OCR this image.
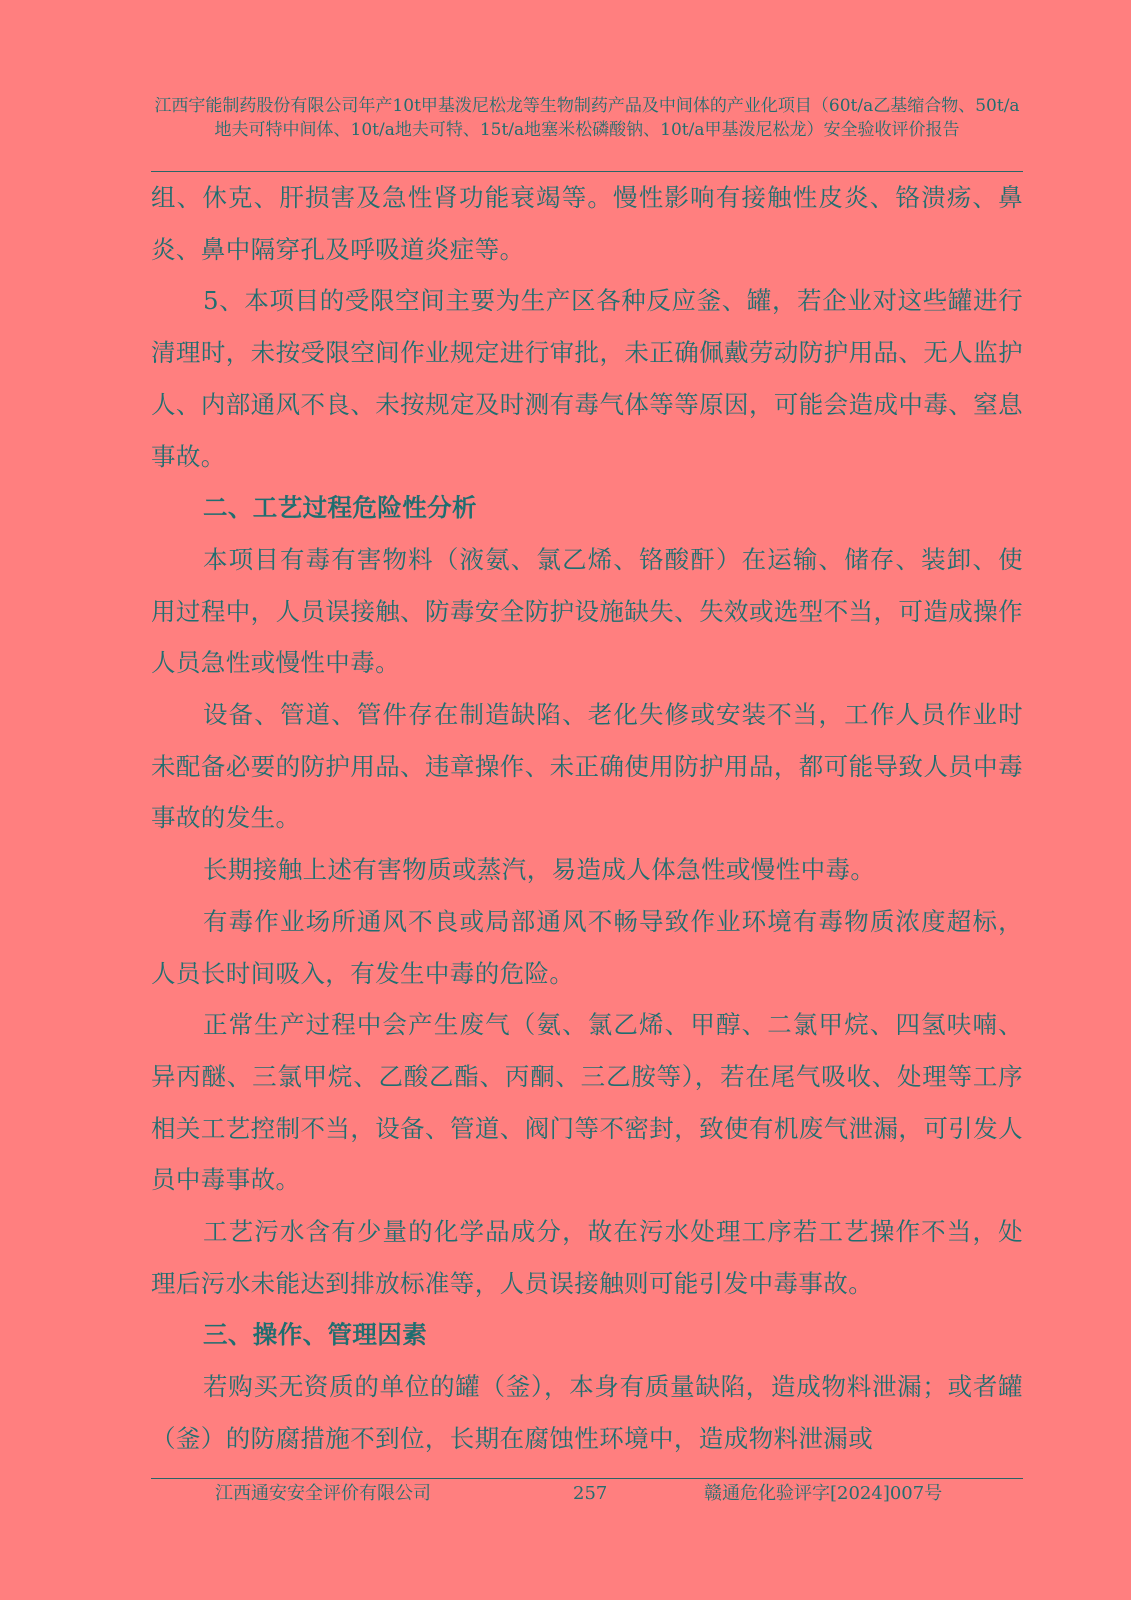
江西宇能制药股份有限公司年产10t甲基泼尼松龙等生物制药产品及中间体的产业化项目（60t/a乙基缩合物、50t/a地夫可特中间体、10t/a地夫可特、15t/a地塞米松磷酸钠、10t/a甲基泼尼松龙）安全验收评价报告

组、休克、肝损害及急性肾功能衰竭等。慢性影响有接触性皮炎、铬溃疡、鼻炎、鼻中隔穿孔及呼吸道炎症等。

5、本项目的受限空间主要为生产区各种反应釜、罐，若企业对这些罐进行清理时，未按受限空间作业规定进行审批，未正确佩戴劳动防护用品、无人监护人、内部通风不良、未按规定及时测有毒气体等等原因，可能会造成中毒、窒息事故。

二、工艺过程危险性分析

本项目有毒有害物料（液氨、氯乙烯、铬酸酐）在运输、储存、装卸、使用过程中，人员误接触、防毒安全防护设施缺失、失效或选型不当，可造成操作人员急性或慢性中毒。

设备、管道、管件存在制造缺陷、老化失修或安装不当，工作人员作业时未配备必要的防护用品、违章操作、未正确使用防护用品，都可能导致人员中毒事故的发生。

长期接触上述有害物质或蒸汽，易造成人体急性或慢性中毒。

有毒作业场所通风不良或局部通风不畅导致作业环境有毒物质浓度超标，人员长时间吸入，有发生中毒的危险。

正常生产过程中会产生废气（氨、氯乙烯、甲醇、二氯甲烷、四氢呋喃、异丙醚、三氯甲烷、乙酸乙酯、丙酮、三乙胺等），若在尾气吸收、处理等工序相关工艺控制不当，设备、管道、阀门等不密封，致使有机废气泄漏，可引发人员中毒事故。

工艺污水含有少量的化学品成分，故在污水处理工序若工艺操作不当，处理后污水未能达到排放标准等，人员误接触则可能引发中毒事故。

三、操作、管理因素

若购买无资质的单位的罐（釜），本身有质量缺陷，造成物料泄漏；或者罐（釜）的防腐措施不到位，长期在腐蚀性环境中，造成物料泄漏或

江西通安安全评价有限公司	257	赣通危化验评字[2024]007号
